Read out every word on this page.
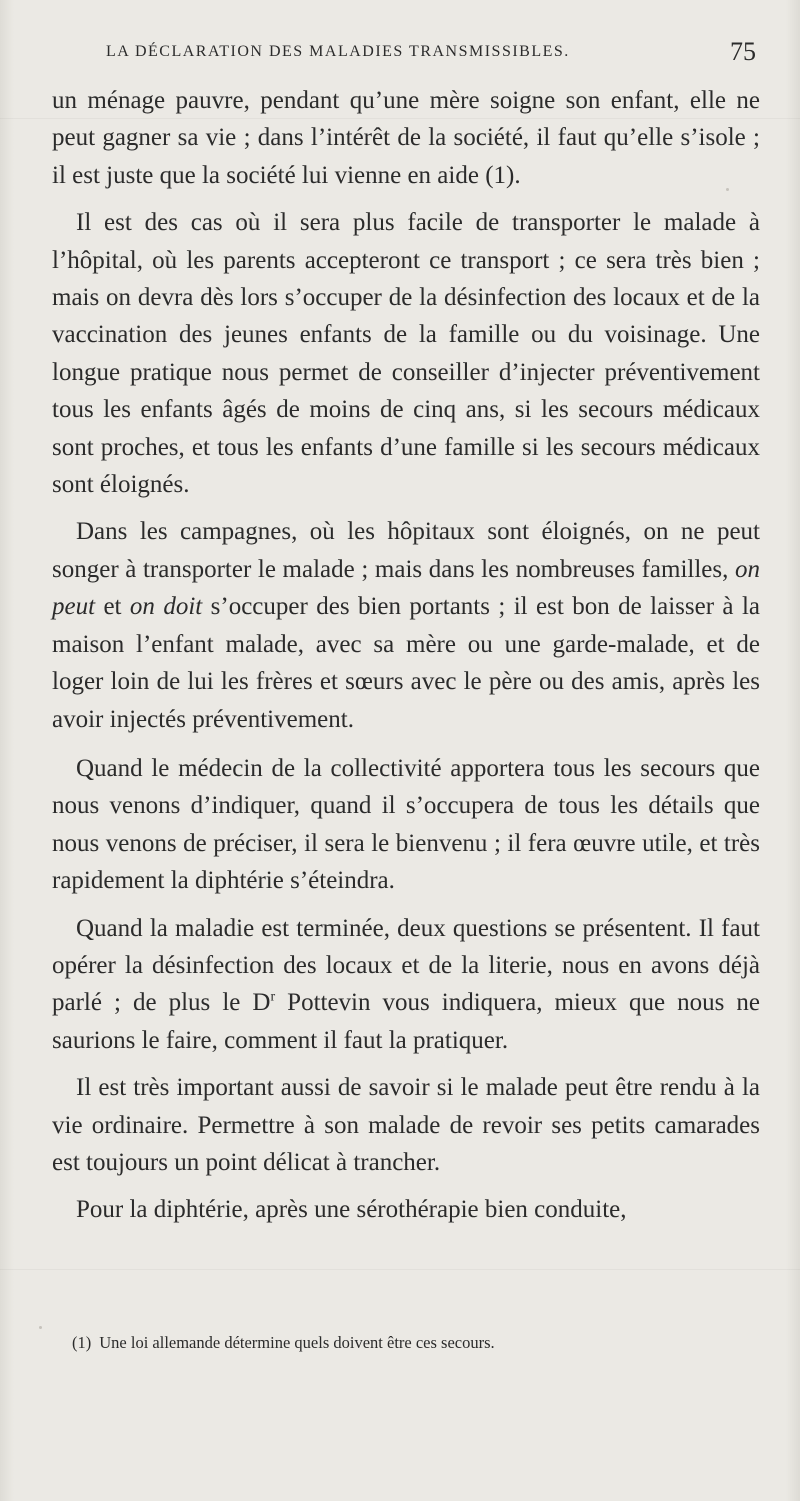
LA DÉCLARATION DES MALADIES TRANSMISSIBLES.	75

un ménage pauvre, pendant qu’une mère soigne son enfant, elle ne peut gagner sa vie ; dans l’intérêt de la société, il faut qu’elle s’isole ; il est juste que la société lui vienne en aide (1).

Il est des cas où il sera plus facile de transporter le malade à l’hôpital, où les parents accepteront ce transport ; ce sera très bien ; mais on devra dès lors s’occuper de la désinfection des locaux et de la vaccination des jeunes enfants de la famille ou du voisinage. Une longue pratique nous permet de conseiller d’injecter préventivement tous les enfants âgés de moins de cinq ans, si les secours médicaux sont proches, et tous les enfants d’une famille si les secours médicaux sont éloignés.

Dans les campagnes, où les hôpitaux sont éloignés, on ne peut songer à transporter le malade ; mais dans les nombreuses familles, on peut et on doit s’occuper des bien portants ; il est bon de laisser à la maison l’enfant malade, avec sa mère ou une garde-malade, et de loger loin de lui les frères et sœurs avec le père ou des amis, après les avoir injectés préventivement.

Quand le médecin de la collectivité apportera tous les secours que nous venons d’indiquer, quand il s’occupera de tous les détails que nous venons de préciser, il sera le bienvenu ; il fera œuvre utile, et très rapidement la diphtérie s’éteindra.

Quand la maladie est terminée, deux questions se présentent. Il faut opérer la désinfection des locaux et de la literie, nous en avons déjà parlé ; de plus le $D^r$ Pottevin vous indiquera, mieux que nous ne saurions le faire, comment il faut la pratiquer.

Il est très important aussi de savoir si le malade peut être rendu à la vie ordinaire. Permettre à son malade de revoir ses petits camarades est toujours un point délicat à trancher.

Pour la diphtérie, après une sérothérapie bien conduite,

(1) Une loi allemande détermine quels doivent être ces secours.
